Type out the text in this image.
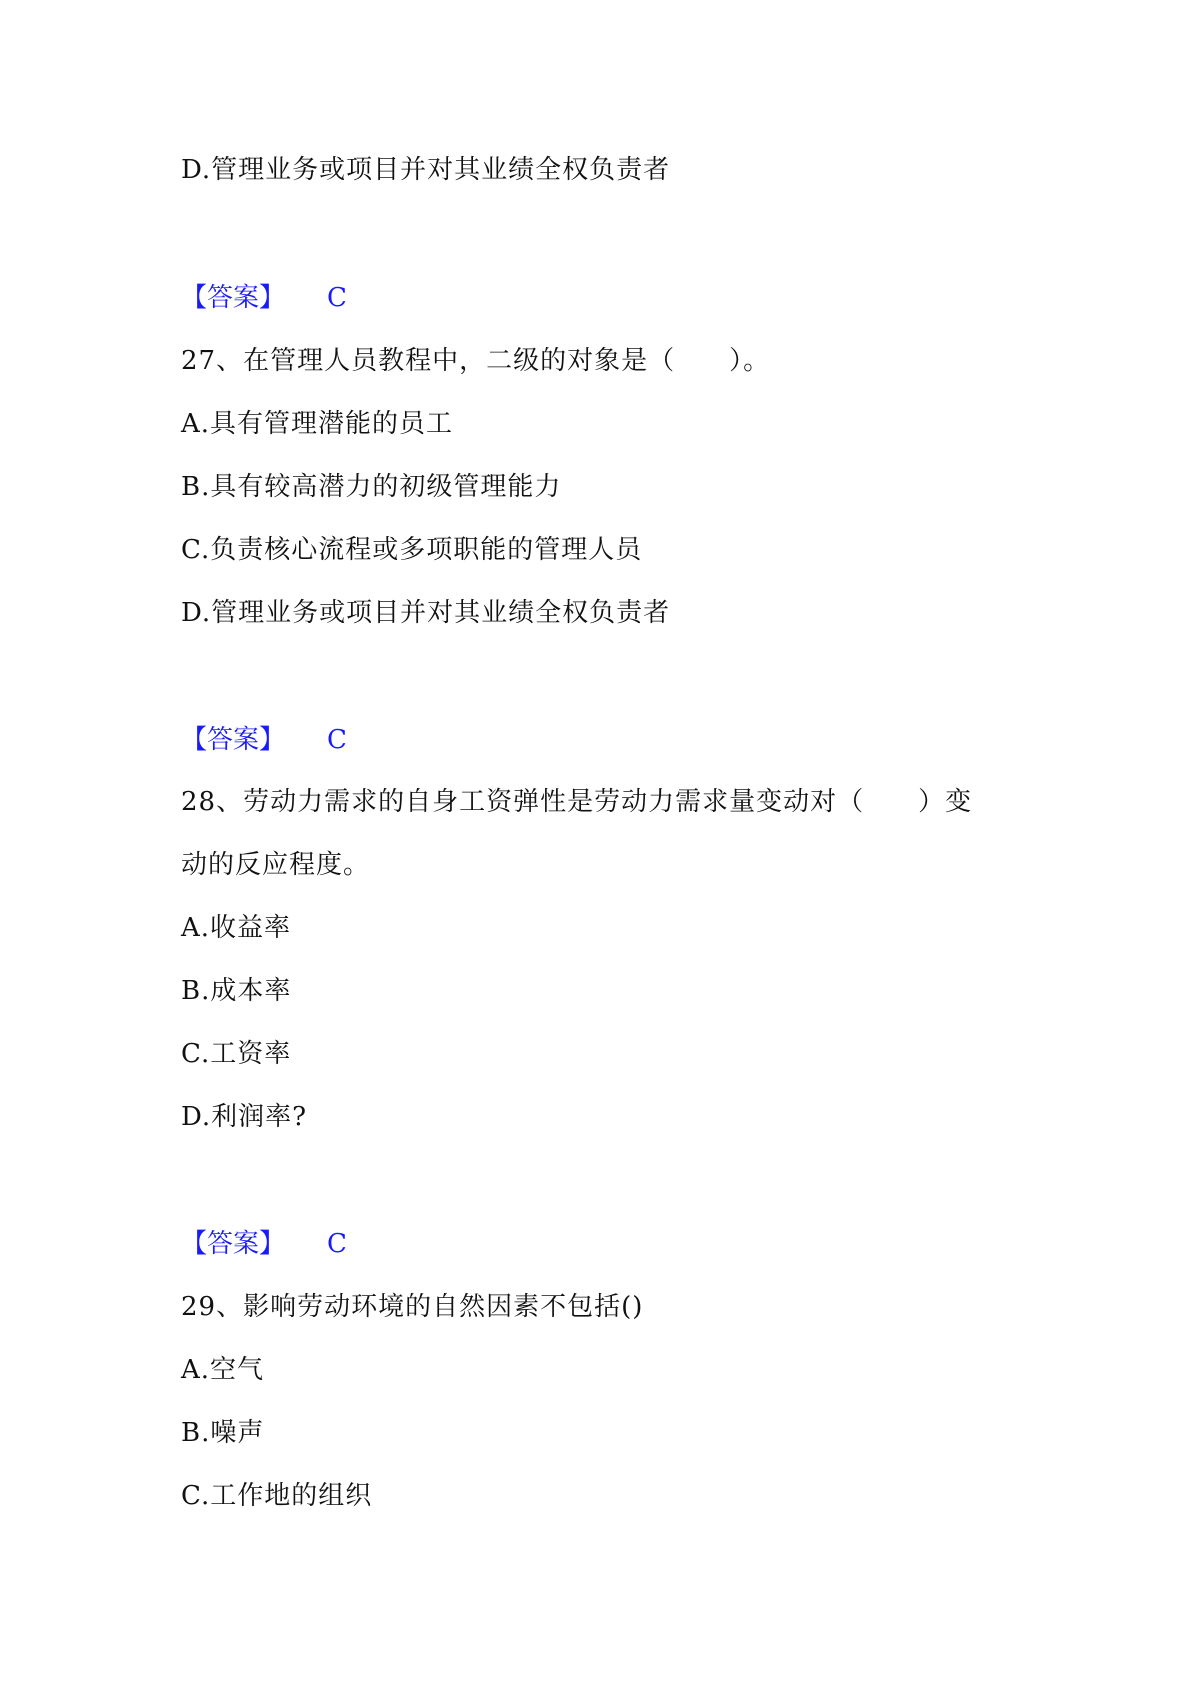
D.管理业务或项目并对其业绩全权负责者
【答案】 C
27、在管理人员教程中，二级的对象是（　　）。
A.具有管理潜能的员工
B.具有较高潜力的初级管理能力
C.负责核心流程或多项职能的管理人员
D.管理业务或项目并对其业绩全权负责者
【答案】 C
28、劳动力需求的自身工资弹性是劳动力需求量变动对（　　）变
动的反应程度。
A.收益率
B.成本率
C.工资率
D.利润率?
【答案】 C
29、影响劳动环境的自然因素不包括()
A.空气
B.噪声
C.工作地的组织
